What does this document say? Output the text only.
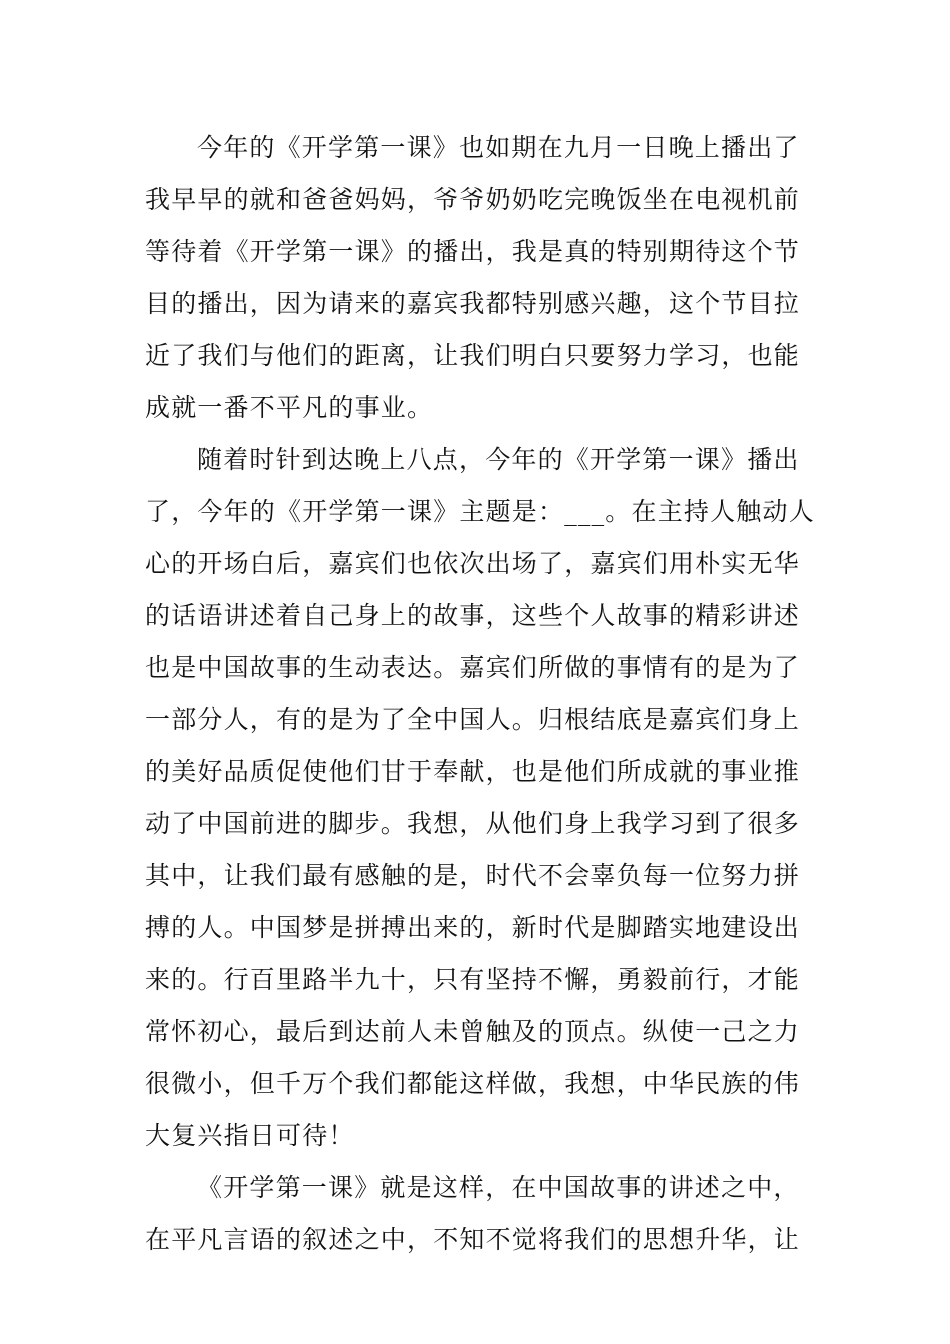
今年的《开学第一课》也如期在九月一日晚上播出了
我早早的就和爸爸妈妈，爷爷奶奶吃完晚饭坐在电视机前
等待着《开学第一课》的播出，我是真的特别期待这个节
目的播出，因为请来的嘉宾我都特别感兴趣，这个节目拉
近了我们与他们的距离，让我们明白只要努力学习，也能
成就一番不平凡的事业。
随着时针到达晚上八点，今年的《开学第一课》播出
了，今年的《开学第一课》主题是：___。在主持人触动人
心的开场白后，嘉宾们也依次出场了，嘉宾们用朴实无华
的话语讲述着自己身上的故事，这些个人故事的精彩讲述
也是中国故事的生动表达。嘉宾们所做的事情有的是为了
一部分人，有的是为了全中国人。归根结底是嘉宾们身上
的美好品质促使他们甘于奉献，也是他们所成就的事业推
动了中国前进的脚步。我想，从他们身上我学习到了很多
其中，让我们最有感触的是，时代不会辜负每一位努力拼
搏的人。中国梦是拼搏出来的，新时代是脚踏实地建设出
来的。行百里路半九十，只有坚持不懈，勇毅前行，才能
常怀初心，最后到达前人未曾触及的顶点。纵使一己之力
很微小，但千万个我们都能这样做，我想，中华民族的伟
大复兴指日可待！
《开学第一课》就是这样，在中国故事的讲述之中，
在平凡言语的叙述之中，不知不觉将我们的思想升华，让
